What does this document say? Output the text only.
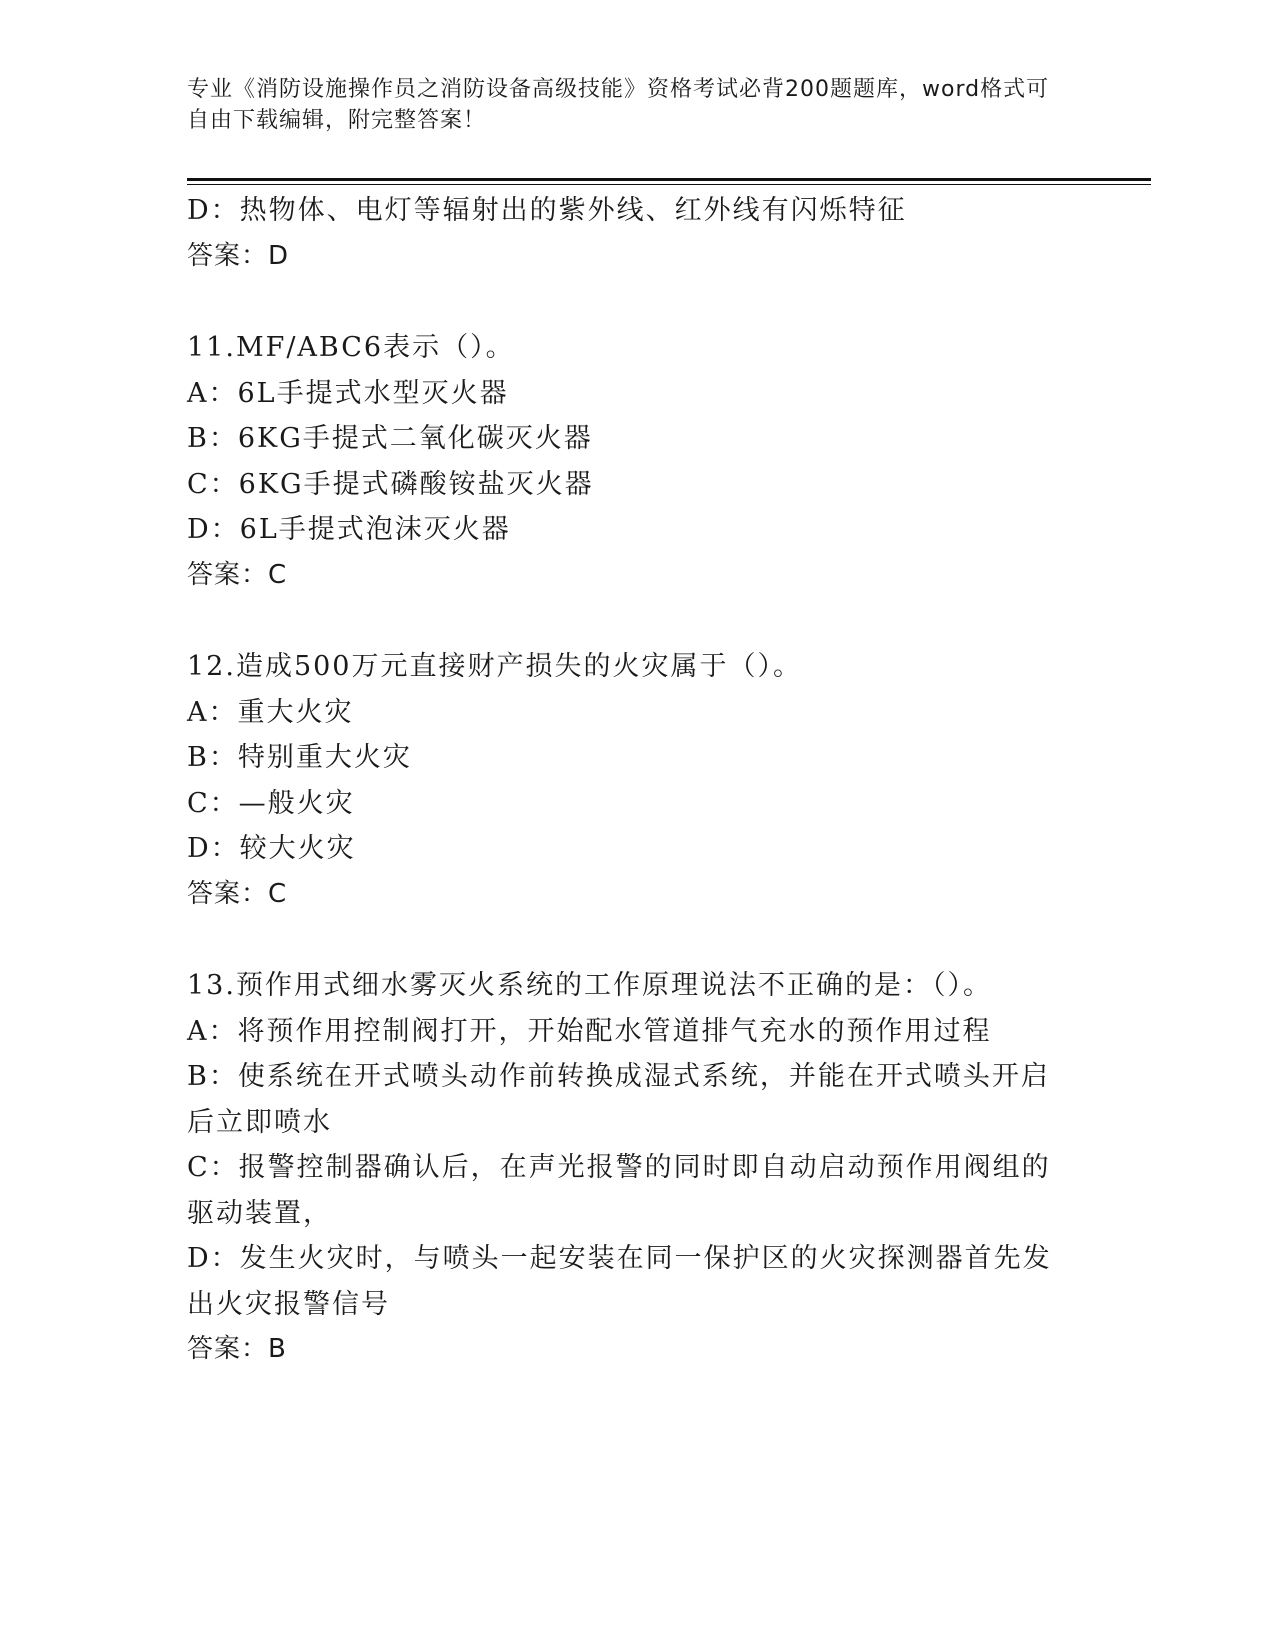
专业《消防设施操作员之消防设备高级技能》资格考试必背200题题库，word格式可自由下载编辑，附完整答案！
D：热物体、电灯等辐射出的紫外线、红外线有闪烁特征
答案：D
11.MF/ABC6表示（）。
A：6L手提式水型灭火器
B：6KG手提式二氧化碳灭火器
C：6KG手提式磷酸铵盐灭火器
D：6L手提式泡沫灭火器
答案：C
12.造成500万元直接财产损失的火灾属于（）。
A：重大火灾
B：特别重大火灾
C：—般火灾
D：较大火灾
答案：C
13.预作用式细水雾灭火系统的工作原理说法不正确的是：（）。
A：将预作用控制阀打开，开始配水管道排气充水的预作用过程
B：使系统在开式喷头动作前转换成湿式系统，并能在开式喷头开启后立即喷水
C：报警控制器确认后，在声光报警的同时即自动启动预作用阀组的驱动装置，
D：发生火灾时，与喷头一起安装在同一保护区的火灾探测器首先发出火灾报警信号
答案：B
